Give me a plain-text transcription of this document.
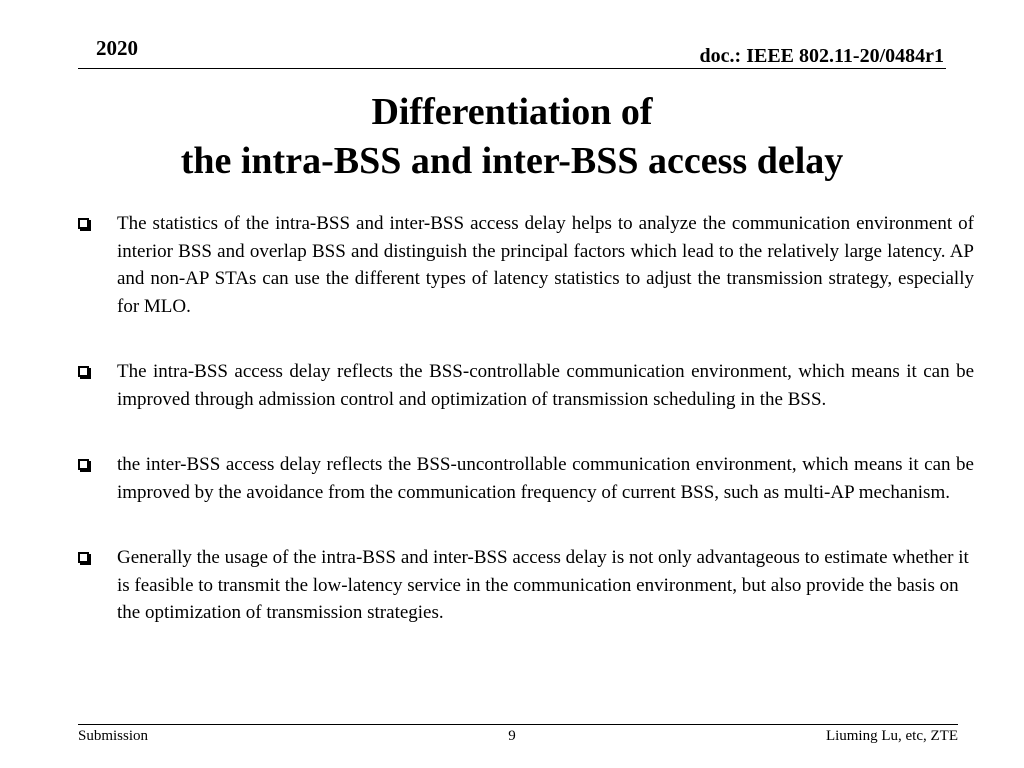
2020	doc.: IEEE 802.11-20/0484r1
Differentiation of
the intra-BSS and inter-BSS access delay

The statistics of the intra-BSS and inter-BSS access delay helps to analyze the communication environment of interior BSS and overlap BSS and distinguish the principal factors which lead to the relatively large latency. AP and non-AP STAs can use the different types of latency statistics to adjust the transmission strategy, especially for MLO.

The intra-BSS access delay reflects the BSS-controllable communication environment, which means it can be improved through admission control and optimization of transmission scheduling in the BSS.

the inter-BSS access delay reflects the BSS-uncontrollable communication environment, which means it can be improved by the avoidance from the communication frequency of current BSS, such as multi-AP mechanism.

Generally the usage of the intra-BSS and inter-BSS access delay is not only advantageous to estimate whether it is feasible to transmit the low-latency service in the communication environment, but also provide the basis on the optimization of transmission strategies.

Submission	9	Liuming Lu, etc, ZTE
